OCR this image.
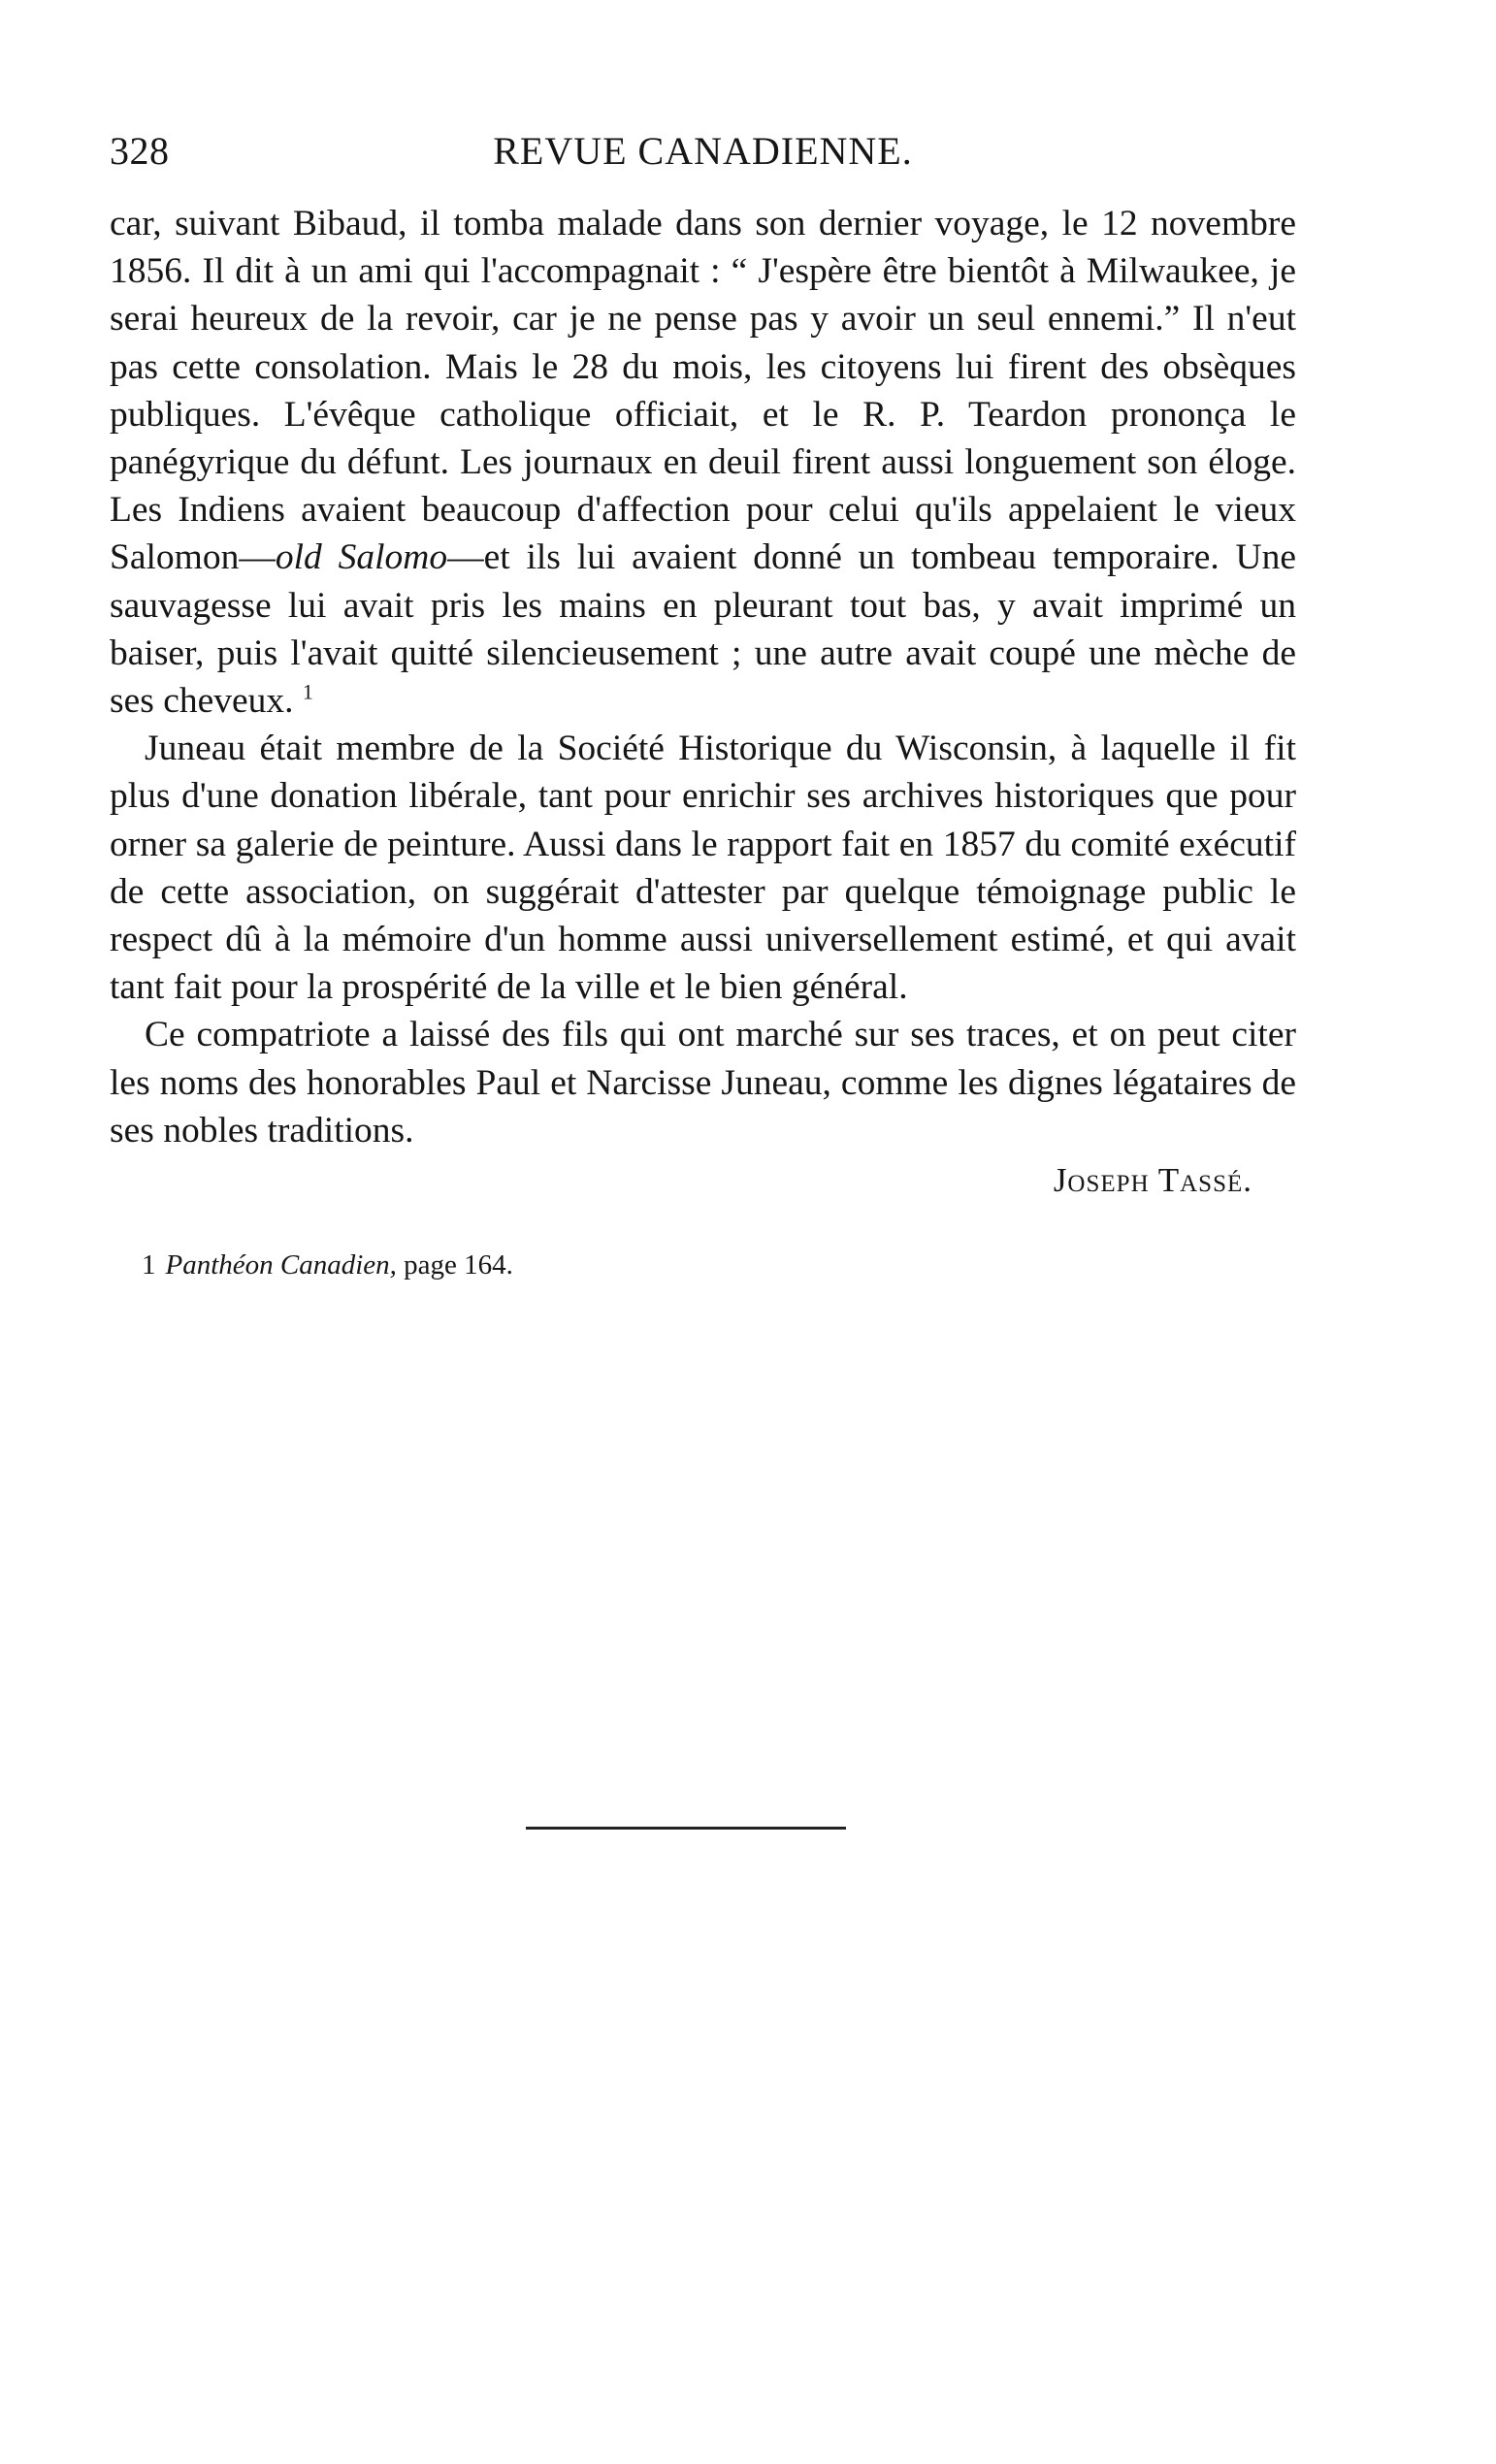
328	REVUE CANADIENNE.

car, suivant Bibaud, il tomba malade dans son dernier voyage, le 12 novembre 1856. Il dit à un ami qui l'accompagnait : “ J'espère être bientôt à Milwaukee, je serai heureux de la revoir, car je ne pense pas y avoir un seul ennemi.” Il n'eut pas cette consolation. Mais le 28 du mois, les citoyens lui firent des obsèques publiques. L'évêque catholique officiait, et le R. P. Teardon prononça le panégyrique du défunt. Les journaux en deuil firent aussi longuement son éloge. Les Indiens avaient beaucoup d'affection pour celui qu'ils appelaient le vieux Salomon—old Salomo—et ils lui avaient donné un tombeau temporaire. Une sauvagesse lui avait pris les mains en pleurant tout bas, y avait imprimé un baiser, puis l'avait quitté silencieusement ; une autre avait coupé une mèche de ses cheveux. $^1$

Juneau était membre de la Société Historique du Wisconsin, à laquelle il fit plus d'une donation libérale, tant pour enrichir ses archives historiques que pour orner sa galerie de peinture. Aussi dans le rapport fait en 1857 du comité exécutif de cette association, on suggérait d'attester par quelque témoignage public le respect dû à la mémoire d'un homme aussi universellement estimé, et qui avait tant fait pour la prospérité de la ville et le bien général.

Ce compatriote a laissé des fils qui ont marché sur ses traces, et on peut citer les noms des honorables Paul et Narcisse Juneau, comme les dignes légataires de ses nobles traditions.

Joseph Tassé.
1 Panthéon Canadien, page 164.
